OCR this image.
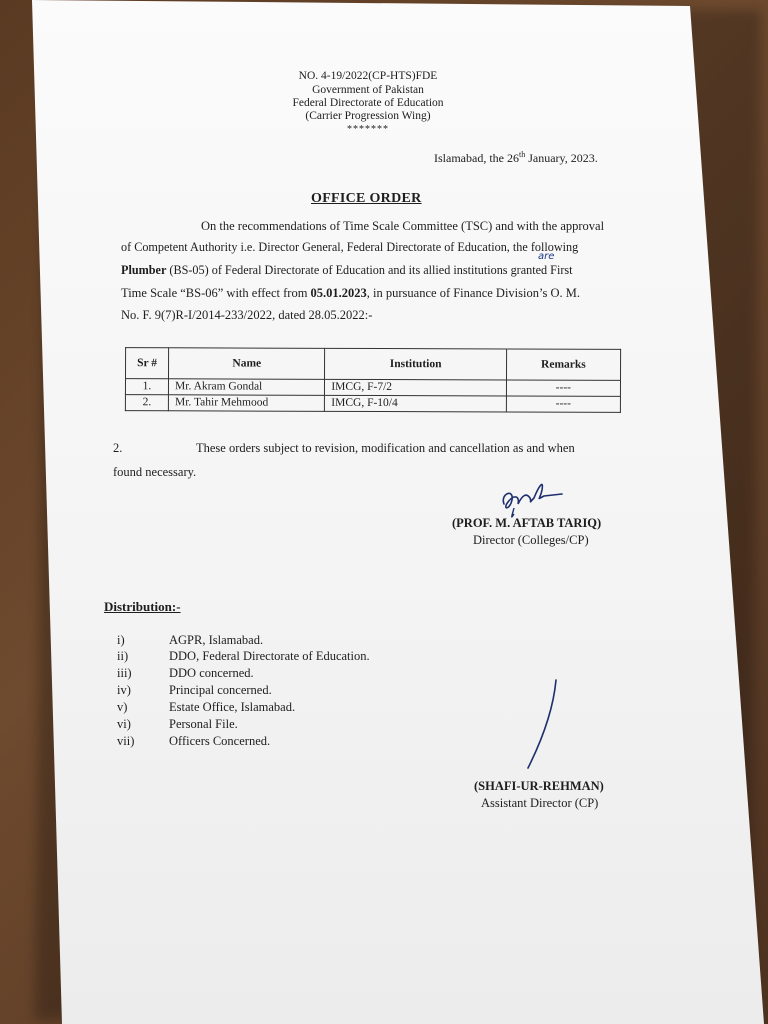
NO. 4-19/2022(CP-HTS)FDE
Government of Pakistan
Federal Directorate of Education
(Carrier Progression Wing)
*******
Islamabad, the 26th January, 2023.
OFFICE ORDER
On the recommendations of Time Scale Committee (TSC) and with the approval
of Competent Authority i.e. Director General, Federal Directorate of Education, the following
Plumber (BS-05) of Federal Directorate of Education and its allied institutions granted First
are
Time Scale “BS-06” with effect from 05.01.2023, in pursuance of Finance Division’s O. M.
No. F. 9(7)R-I/2014-233/2022, dated 28.05.2022:-
Sr #	Name	Institution	Remarks
1.	Mr. Akram Gondal	IMCG, F-7/2	----
2.	Mr. Tahir Mehmood	IMCG, F-10/4	----
2.	These orders subject to revision, modification and cancellation as and when
found necessary.
(PROF. M. AFTAB TARIQ)
Director (Colleges/CP)
Distribution:-
i)	AGPR, Islamabad.
ii)	DDO, Federal Directorate of Education.
iii)	DDO concerned.
iv)	Principal concerned.
v)	Estate Office, Islamabad.
vi)	Personal File.
vii)	Officers Concerned.
(SHAFI-UR-REHMAN)
Assistant Director (CP)
